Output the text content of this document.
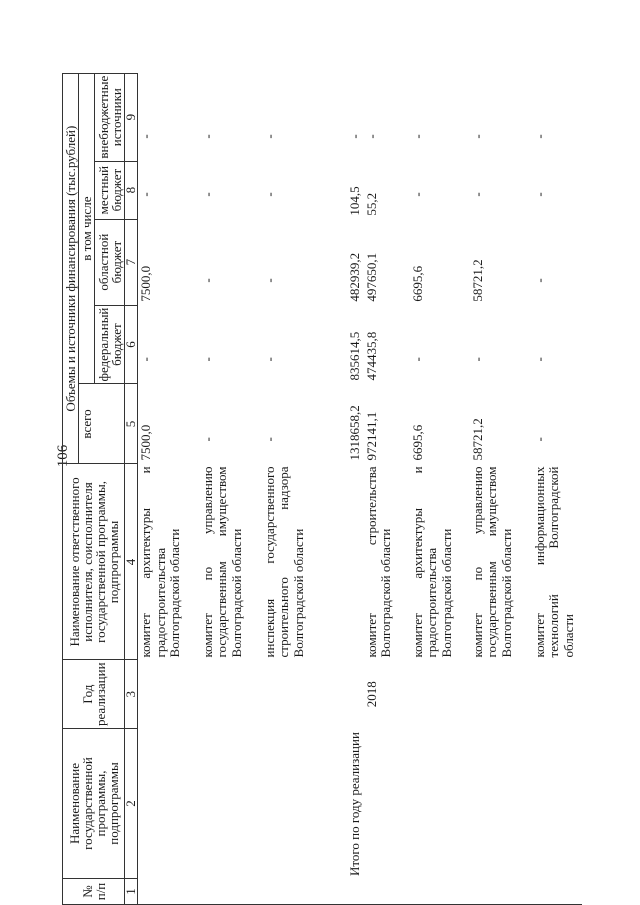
106
№ п/п	Наименование государственной программы, подпрограммы	Год реализации	Наименование ответственного исполнителя, соисполнителя государственной программы, подпрограммы	Объемы и источники финансирования (тыс.рублей)				
				всего	в том числе			
					федеральный бюджет	областной бюджет	местный бюджет	внебюджетные источники
1	2	3	4	5	6	7	8	9
			комитет архитектуры и градостроительства Волгоградской области	7500,0	-	7500,0	-	-
			комитет по управлению государственным имуществом Волгоградской области	-	-	-	-	-
			инспекция государственного строительного надзора Волгоградской области	-	-	-	-	-
	Итого по году реализации			1318658,2	835614,5	482939,2	104,5	-
		2018	комитет строительства Волгоградской области	972141,1	474435,8	497650,1	55,2	-
			комитет архитектуры и градостроительства Волгоградской области	6695,6	-	6695,6	-	-
			комитет по управлению государственным имуществом Волгоградской области	58721,2	-	58721,2	-	-
			комитет информационных технологий Волгоградской области	-	-	-	-	-
